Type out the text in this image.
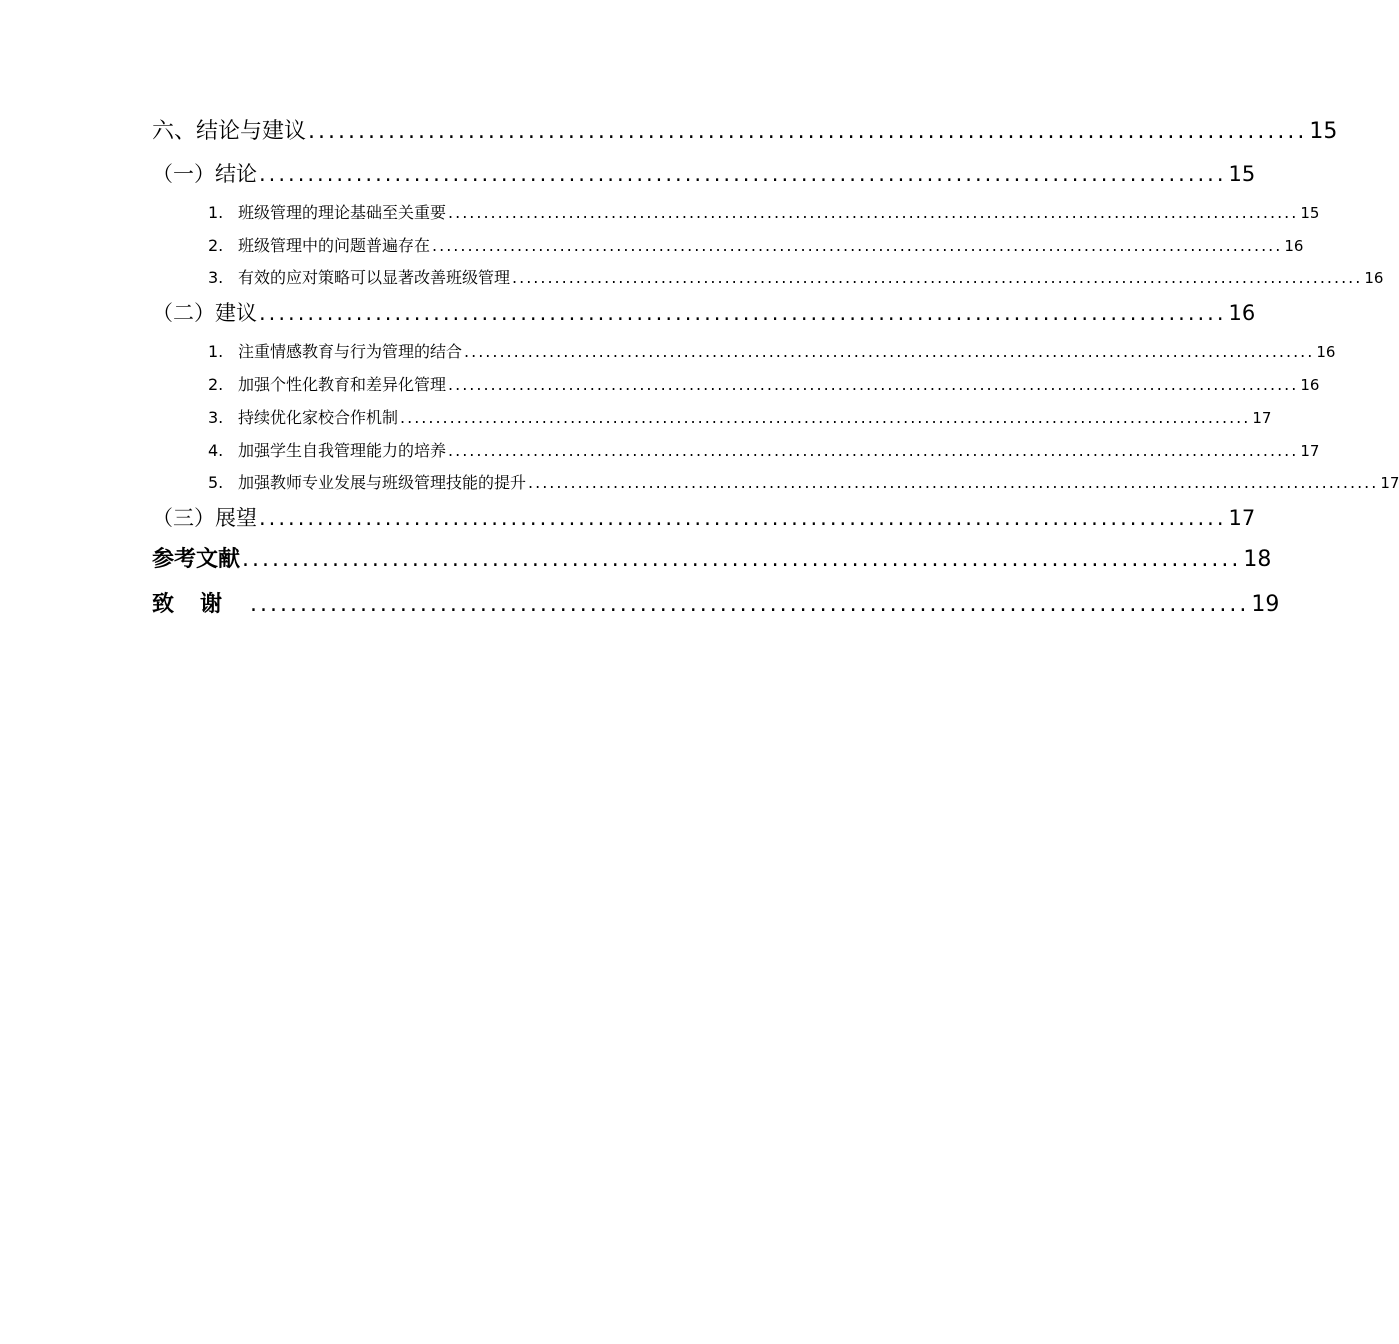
六、结论与建议 .................................................................................................... 15
（一）结论 .................................................................................................... 15
1. 班级管理的理论基础至关重要 ........................................................................................................................ 15
2. 班级管理中的问题普遍存在 ........................................................................................................................ 16
3. 有效的应对策略可以显著改善班级管理 ........................................................................................................................ 16
（二）建议 .................................................................................................... 16
1. 注重情感教育与行为管理的结合 ........................................................................................................................ 16
2. 加强个性化教育和差异化管理 ........................................................................................................................ 16
3. 持续优化家校合作机制 ........................................................................................................................ 17
4. 加强学生自我管理能力的培养 ........................................................................................................................ 17
5. 加强教师专业发展与班级管理技能的提升 ........................................................................................................................ 17
（三）展望 .................................................................................................... 17
参考文献 .................................................................................................... 18
致谢 .................................................................................................... 19
